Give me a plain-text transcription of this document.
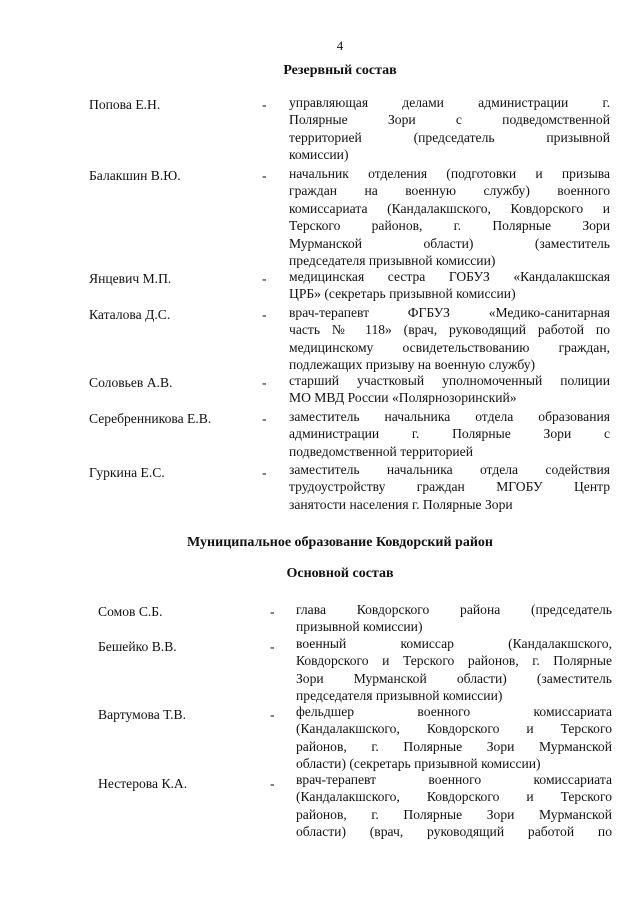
4
Резервный состав
Попова Е.Н.	- управляющая делами администрации г.
Полярные Зори с подведомственной
территорией (председатель призывной
комиссии)
Балакшин В.Ю.	- начальник отделения (подготовки и призыва
граждан на военную службу) военного
комиссариата (Кандалакшского, Ковдорского и
Терского районов, г. Полярные Зори
Мурманской области) (заместитель
председателя призывной комиссии)
Янцевич М.П.	- медицинская сестра ГОБУЗ «Кандалакшская
ЦРБ» (секретарь призывной комиссии)
Каталова Д.С.	- врач-терапевт ФГБУЗ «Медико-санитарная
часть № 118» (врач, руководящий работой по
медицинскому освидетельствованию граждан,
подлежащих призыву на военную службу)
Соловьев А.В.	- старший участковый уполномоченный полиции
МО МВД России «Полярнозоринский»
Серебренникова Е.В.	- заместитель начальника отдела образования
администрации г. Полярные Зори с
подведомственной территорией
Гуркина Е.С.	- заместитель начальника отдела содействия
трудоустройству граждан МГОБУ Центр
занятости населения г. Полярные Зори
Муниципальное образование Ковдорский район
Основной состав
Сомов С.Б.	- глава Ковдорского района (председатель
призывной комиссии)
Бешейко В.В.	- военный комиссар (Кандалакшского,
Ковдорского и Терского районов, г. Полярные
Зори Мурманской области) (заместитель
председателя призывной комиссии)
Вартумова Т.В.	- фельдшер военного комиссариата
(Кандалакшского, Ковдорского и Терского
районов, г. Полярные Зори Мурманской
области) (секретарь призывной комиссии)
Нестерова К.А.	- врач-терапевт военного комиссариата
(Кандалакшского, Ковдорского и Терского
районов, г. Полярные Зори Мурманской
области) (врач, руководящий работой по
